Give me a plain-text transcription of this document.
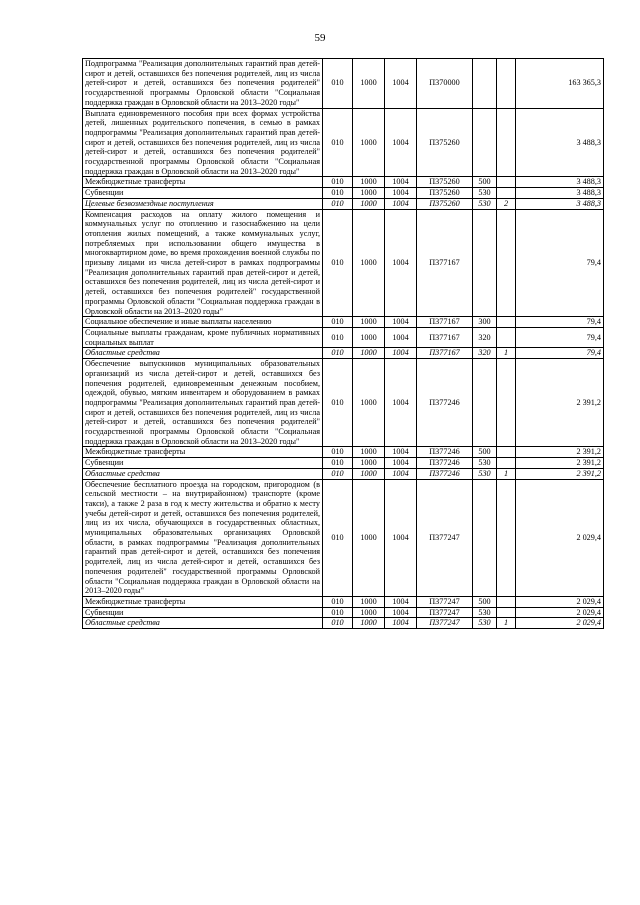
59
Подпрограмма "Реализация дополнительных гарантий прав детей-сирот и детей, оставшихся без попечения родителей, лиц из числа детей-сирот и детей, оставшихся без попечения родителей" государственной программы Орловской области "Социальная поддержка граждан в Орловской области на 2013–2020 годы"	010	1000	1004	П370000			163 365,3
Выплата единовременного пособия при всех формах устройства детей, лишенных родительского попечения, в семью в рамках подпрограммы "Реализация дополнительных гарантий прав детей-сирот и детей, оставшихся без попечения родителей, лиц из числа детей-сирот и детей, оставшихся без попечения родителей" государственной программы Орловской области "Социальная поддержка граждан в Орловской области на 2013–2020 годы"	010	1000	1004	П375260			3 488,3
Межбюджетные трансферты	010	1000	1004	П375260	500		3 488,3
Субвенции	010	1000	1004	П375260	530		3 488,3
Целевые безвозмездные поступления	010	1000	1004	П375260	530	2	3 488,3
Компенсация расходов на оплату жилого помещения и коммунальных услуг по отоплению и газоснабжению на цели отопления жилых помещений, а также коммунальных услуг, потребляемых при использовании общего имущества в многоквартирном доме, во время прохождения военной службы по призыву лицами из числа детей-сирот в рамках подпрограммы "Реализация дополнительных гарантий прав детей-сирот и детей, оставшихся без попечения родителей, лиц из числа детей-сирот и детей, оставшихся без попечения родителей" государственной программы Орловской области "Социальная поддержка граждан в Орловской области на 2013–2020 годы"	010	1000	1004	П377167			79,4
Социальное обеспечение и иные выплаты населению	010	1000	1004	П377167	300		79,4
Социальные выплаты гражданам, кроме публичных нормативных социальных выплат	010	1000	1004	П377167	320		79,4
Областные средства	010	1000	1004	П377167	320	1	79,4
Обеспечение выпускников муниципальных образовательных организаций из числа детей-сирот и детей, оставшихся без попечения родителей, единовременным денежным пособием, одеждой, обувью, мягким инвентарем и оборудованием в рамках подпрограммы "Реализация дополнительных гарантий прав детей-сирот и детей, оставшихся без попечения родителей, лиц из числа детей-сирот и детей, оставшихся без попечения родителей" государственной программы Орловской области "Социальная поддержка граждан в Орловской области на 2013–2020 годы"	010	1000	1004	П377246			2 391,2
Межбюджетные трансферты	010	1000	1004	П377246	500		2 391,2
Субвенции	010	1000	1004	П377246	530		2 391,2
Областные средства	010	1000	1004	П377246	530	1	2 391,2
Обеспечение бесплатного проезда на городском, пригородном (в сельской местности – на внутрирайонном) транспорте (кроме такси), а также 2 раза в год к месту жительства и обратно к месту учебы детей-сирот и детей, оставшихся без попечения родителей, лиц из их числа, обучающихся в государственных областных, муниципальных образовательных организациях Орловской области, в рамках подпрограммы "Реализация дополнительных гарантий прав детей-сирот и детей, оставшихся без попечения родителей, лиц из числа детей-сирот и детей, оставшихся без попечения родителей" государственной программы Орловской области "Социальная поддержка граждан в Орловской области на 2013–2020 годы"	010	1000	1004	П377247			2 029,4
Межбюджетные трансферты	010	1000	1004	П377247	500		2 029,4
Субвенции	010	1000	1004	П377247	530		2 029,4
Областные средства	010	1000	1004	П377247	530	1	2 029,4
